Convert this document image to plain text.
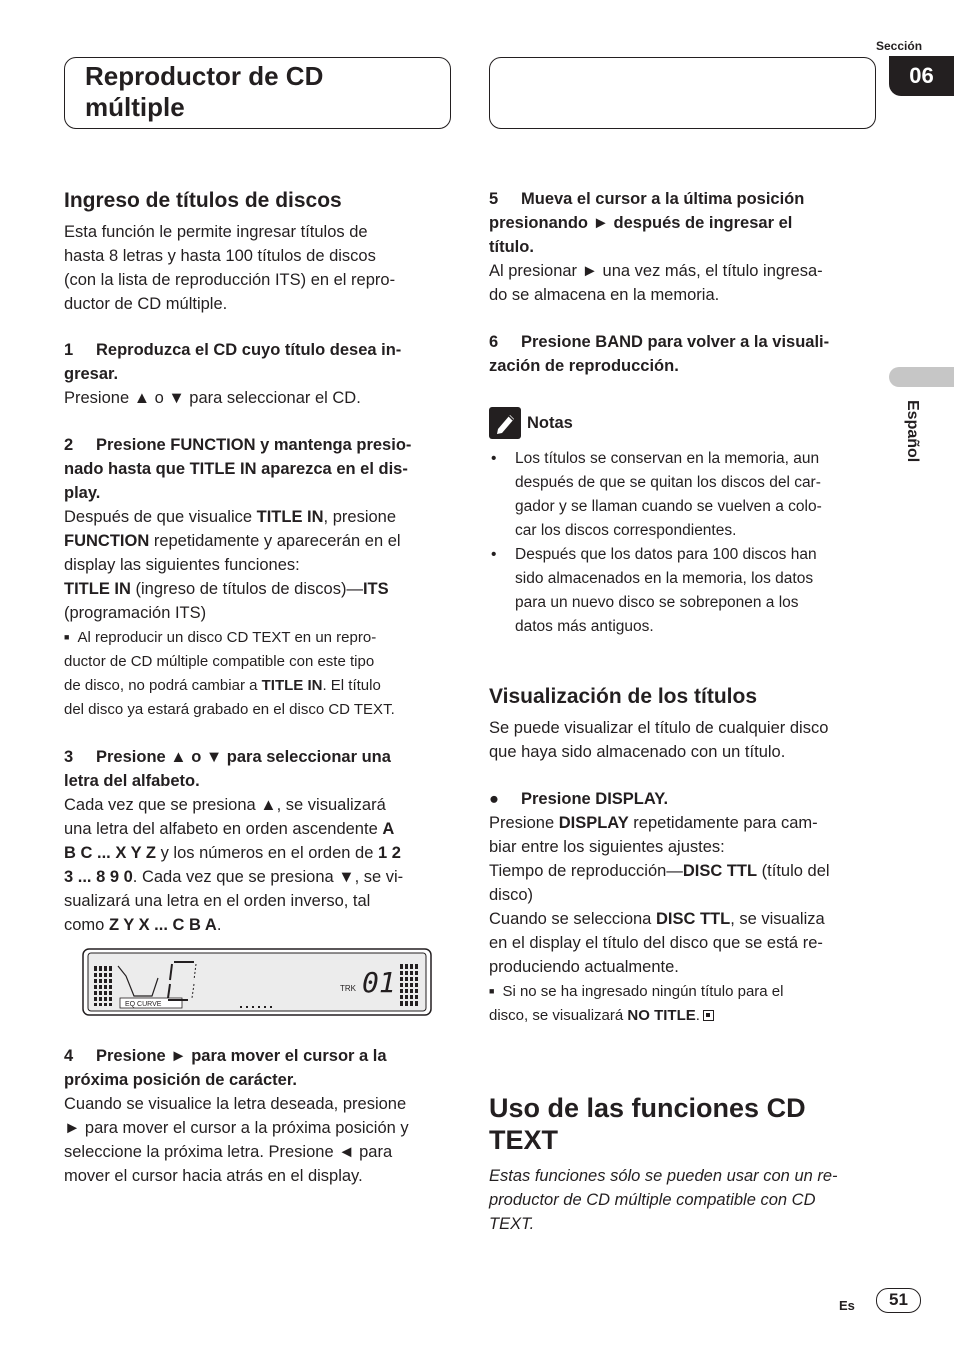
Reproductor de CD
múltiple
Sección
06
Español
Ingreso de títulos de discos
Esta función le permite ingresar títulos de
hasta 8 letras y hasta 100 títulos de discos
(con la lista de reproducción ITS) en el repro-
ductor de CD múltiple.
1 Reproduzca el CD cuyo título desea in-
gresar.
Presione ▲ o ▼ para seleccionar el CD.
2 Presione FUNCTION y mantenga presio-
nado hasta que TITLE IN aparezca en el dis-
play.
Después de que visualice TITLE IN, presione
FUNCTION repetidamente y aparecerán en el
display las siguientes funciones:
TITLE IN (ingreso de títulos de discos)—ITS
(programación ITS)
■ Al reproducir un disco CD TEXT en un repro-
ductor de CD múltiple compatible con este tipo
de disco, no podrá cambiar a TITLE IN. El título
del disco ya estará grabado en el disco CD TEXT.
3 Presione ▲ o ▼ para seleccionar una
letra del alfabeto.
Cada vez que se presiona ▲, se visualizará
una letra del alfabeto en orden ascendente A
B C ... X Y Z y los números en el orden de 1 2
3 ... 8 9 0. Cada vez que se presiona ▼, se vi-
sualizará una letra en el orden inverso, tal
como Z Y X ... C B A.
EQ CURVE
TRK 01
4 Presione ► para mover el cursor a la
próxima posición de carácter.
Cuando se visualice la letra deseada, presione
► para mover el cursor a la próxima posición y
seleccione la próxima letra. Presione ◄ para
mover el cursor hacia atrás en el display.
5 Mueva el cursor a la última posición
presionando ► después de ingresar el
título.
Al presionar ► una vez más, el título ingresa-
do se almacena en la memoria.
6 Presione BAND para volver a la visuali-
zación de reproducción.
Notas
• Los títulos se conservan en la memoria, aun
después de que se quitan los discos del car-
gador y se llaman cuando se vuelven a colo-
car los discos correspondientes.
• Después que los datos para 100 discos han
sido almacenados en la memoria, los datos
para un nuevo disco se sobreponen a los
datos más antiguos.
Visualización de los títulos
Se puede visualizar el título de cualquier disco
que haya sido almacenado con un título.
● Presione DISPLAY.
Presione DISPLAY repetidamente para cam-
biar entre los siguientes ajustes:
Tiempo de reproducción—DISC TTL (título del
disco)
Cuando se selecciona DISC TTL, se visualiza
en el display el título del disco que se está re-
produciendo actualmente.
■ Si no se ha ingresado ningún título para el
disco, se visualizará NO TITLE.
Uso de las funciones CD TEXT
Estas funciones sólo se pueden usar con un re-
productor de CD múltiple compatible con CD
TEXT.
Es	51
